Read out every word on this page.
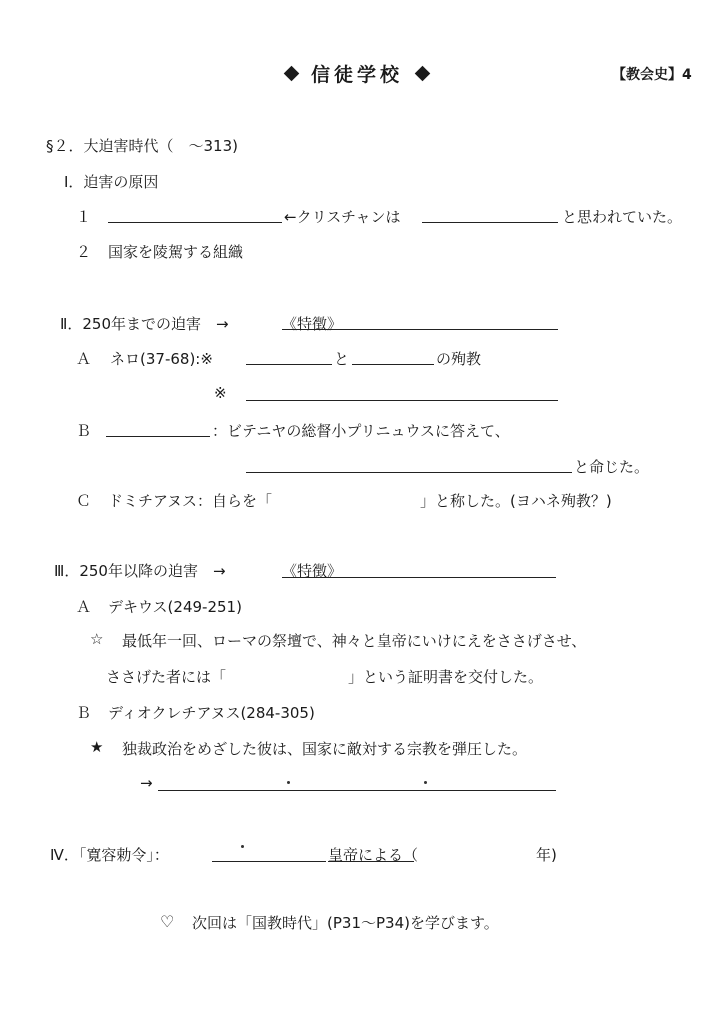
信徒学校	【教会史】4
§２．大迫害時代（　～313)
Ⅰ．迫害の原因
１	←クリスチャンは	と思われていた。
２ 国家を陵駕する組織
Ⅱ．250年までの迫害　→	《特徴》
Ａ ネロ(37-68):※	と	の殉教
※
Ｂ	：ビテニヤの総督小プリニュウスに答えて、
と命じた。
Ｃ ドミチアヌス：自らを「	」と称した。(ヨハネ殉教？)
Ⅲ．250年以降の迫害　→	《特徴》
Ａ デキウス(249-251)
☆ 最低年一回、ローマの祭壇で、神々と皇帝にいけにえをささげさせ、
ささげた者には「	」という証明書を交付した。
Ｂ ディオクレチアヌス(284-305)
★ 独裁政治をめざした彼は、国家に敵対する宗教を弾圧した。
→
Ⅳ．「寛容勅令」：	皇帝による（	年)
♡ 次回は「国教時代」(P31～P34)を学びます。
